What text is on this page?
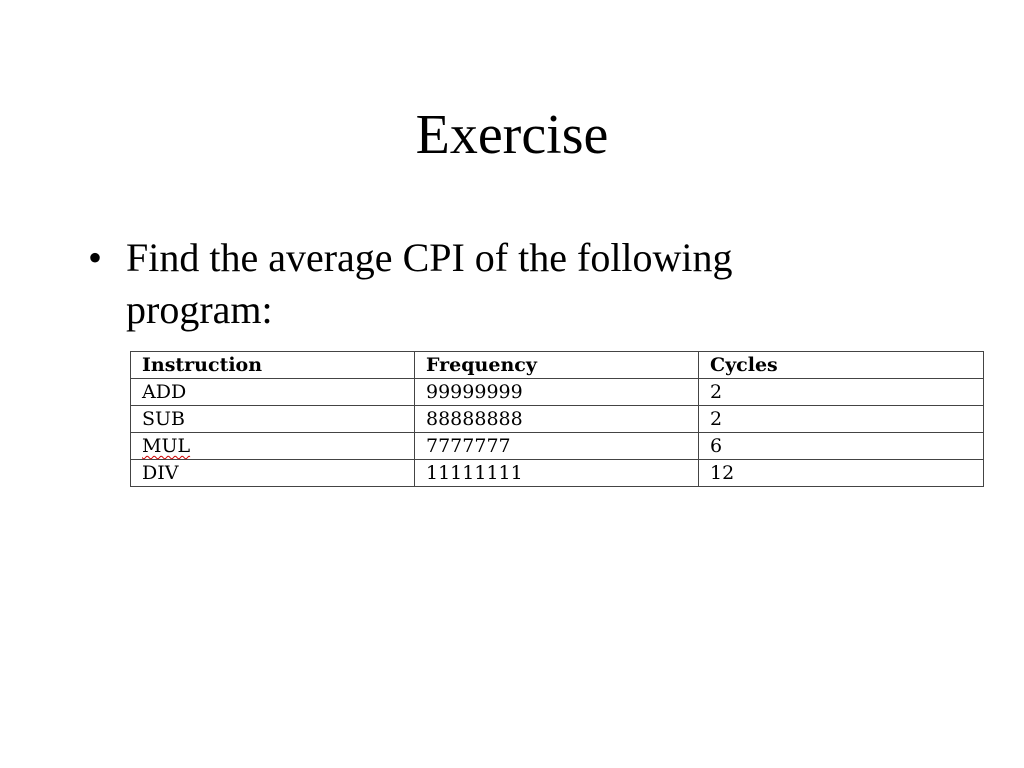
Exercise
• Find the average CPI of the following program:
Instruction	Frequency	Cycles
ADD	99999999	2
SUB	88888888	2
MUL	7777777	6
DIV	11111111	12
